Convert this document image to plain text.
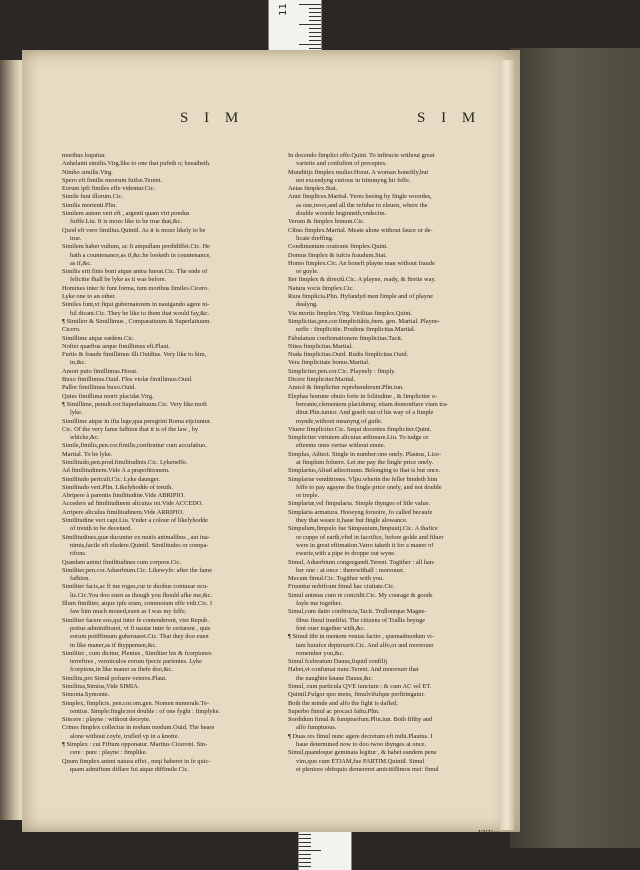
11
S I M	S I M
moribus loquitur.
Anhelanti similis.Virg.like to one that pufeth o; bzeatheth.
Nimbo similis.Virg.
Spero eft fimilis meorum fuifse.Terent.
Eorum ipfi fimiles effe videntur.Cic.
Simile funt illorum.Cic.
Similis morienti.Plin.
Similem autem veri eft , argenti quam viri pondus
fuiffe.Liu. It is moze like to be true that,&c.
Quod eft vero fimilius.Quintil. As it is moze likely to be
true.
Similem habet vultum, ac fi ampullam perdidiffet.Cic. He
hath a countenance,as if,&c.he looketh in countenance,
as if,&c.
Similis erit finis boni atque antea fuerat.Cic. The ende of
felicitie fhall be lyke as it was before.
Homines inter fe funt forma, tum moribus fimiles.Cicero.
Lyke one to an other.
Similes funt,vt fiqui gubernatorem in nauigando agere ni-
hil dicant.Cic. They be like to them that would fay,&c.
¶ Similior & Simillimus , Comparatiuum & Superlatiuum.
Cicero.
Simillime atque eædem.Cic.
Nofter quæftus aeque fimillimus eft.Plaut.
Furtis & fraude fimillimus illi.Ouidius. Very like to him,
in,&c.
Amori puto fimillimus.Horat.
Buxo fimillimus.Ouid. Flos violæ fimillimus.Ouid.
Pallor fimillimus buxo.Ouid.
Quies fimillima morti placidæ.Virg.
¶ Simillime, penult.cor.Superlatiuum.Cic. Very like:moft
lyke.
Simillime atque in ifta lege,qua peregrini Roma eijciuntur.
Cic. Of the very fame fafhion that it is of the law , by
whiche,&c.
Simile,fimilis,pen.cor.fimilis,conftruitur cum accufatiuo.
Martial. To be lyke.
Similitudo,pen.prod.fimilitudinis.Cic. Lykeneffe.
Ad fimilitudinem.Vide A a prapofitionem.
Similitudo periculi.Cic. Lyke daunger.
Similitudo veri.Plin. Likelyhodde of treuth.
Abripere à parentis fimilitudine.Vide ABRIPIO.
Accedere ad fimilitudinem alicuius rei.Vide ACCEDO.
Arripere aliculus fimilitudinem.Vide ARRIPIO.
Similitudine veri capi.Liu. Vnder a colour of likelyhodde
of treuth to be deceiued.
Similitudines,quæ ducuntur ex mutis animalibus , aut ina-
nimis,facile eft eludere.Quintil. Similitudes or compa-
rifons.
Quædam animi fimilitudines cum corpore.Cic.
Similiter,pen.cor.Aduerbium.Cic. Likewyfe: after the fame
fafhion.
Similiter facis,ac fi me roges,cur te duobus contuear ocu-
lis.Cic.You doo euen as though you fhould afke me,&c.
Illum fimiliter, atque ipfe eram, commotum effe vidi.Cic. I
faw him much moued,euen as I was my felfe.
Similiter facere eos,qui inter fe contenderent, vire Repub.
potius adminiftraret, vt fi nautæ inter fe certarent , quis
eorum potiffimum gubernaret.Cic. That they doo euen
in like maner,as if thyppemen,&c.
Similiter , cum dicitur, Plenius , Similiter his & fcorpiones
terreftres , vermiculos eorum fpecie parientes. Lyke
fcorpions,in like maner as thefe doo,&c.
Similitu,pro Simul pofuere veteres.Plaut.
Similitus,Simius,Vide SIMIA.
Simonia.Symonie.
Simplex, fimplicis, pen.cor.om.gen. Nomen numerale.Te-
rentius. Simple:fingle:not double : of one fyght : fimplyke.
Sincere : playne : without deceyte.
Crines fimplex collectus in nodum modum.Ouid. The heare
alone without coyfe, trufled vp in a knotte.
¶ Simplex : cui Fiftum opponatur. Martius Ciceroni. Sin-
cere : pure : playne : fimplike.
Quum fimplex animi natura effet , neqi haberet in fe quic-
quam admiftum diffare fui atque diffimile.Cic.
In docendo fimplici effe.Quint. To inftructe without great
varietie and confufion of preceptes.
Munditijs fimplex mulier.Horat. A woman honeftly,but
not exceedyng curious in trimmyng hir felfe.
Aetas fimplex.Stat.
Anni fimplices.Martial. Yeres beeing by fingle woordes,
as one,twoo,and all the refidue to eleuen, where the
double woorde beginneth,vndecim.
Verum & fimplex bonum.Cic.
Cibus fimplex.Martial. Meate alone without fauce or de-
licate dreffing.
Condimentum orationis fimplex.Quint.
Domus fimplex & iufcis fraudum.Stat.
Homo fimplex.Cic. An honeft playne man without fraude
or guyle.
Iter fimplex & directû.Cic. A playne, ready, & ftreite way.
Natura vocis fimplex.Cic.
Rura fimplicia.Plin. Hyfandyd men fimple and of playne
dealyng.
Via mortis fimplex.Virg. Virilitas fimplex.Quint.
Simplicitas,pen.cor.fimplicitâtis,fœm. gen. Martial. Playne-
neffe : fimplicitie. Prudens fimplicitas.Martial.
Fabulatum confirmationem fimplicitas.Tacit.
Nitea fimplicitas.Martial.
Nuda fimplicitas.Ouid. Rudis fimplicitas.Ouid.
Vera fimplicitate bonus.Martial.
Simpliciter,pen.cor.Cic. Playnely : fimply.
Dicere fimpliciter.Martial.
Amicè & fimpliciter reprehenderunt.Plin.iun.
Elephas homine obuio forte in folitudine , & fimpliciter o-
berrante,clementem placidumq; etiam demonftare viam tra-
ditur.Plin.iunior. And goeth out of his way of a fimple
mynde,without meanyng of guile.
Viuere fimpliciter.Cic. Sequi docentes fimpliciter.Quint.
Simpliciter virtutem alicuius æftimare.Liu. To iudge or
efteeme ones vertue without enuie.
Simplus, Adiect. Single in number:one onely. Plautus, Lice-
at fimplum foluere. Let me pay the fingle price onely.
Simplarius,Aliud adiectiuum. Belonging to that is but once.
Simplariæ venditiones. Vlpu.wherin the feller bindeth him
felfe to pay agayne the fingle price onely, and not double
or treple.
Simplariæ,vel fimpularia. Simple thynges of litle value.
Simplaria armatura. Hooeyng ſoruoire, fo called becaufe
they that weare it,haue but fingle alowance.
Simpulum,fimpulo fue Simpuuium,fimpuuij.Cic. A thafice
or cuppe of earth,vfed in facrifice, before golde and filuer
were in great eftimation.Varro taketh it for a maner of
ewerie,with a pipe to droppe out wyne.
Simul, Aduerbium congregandi.Terent. Togither : all han-
ber one : at once : therewithall : moreouer.
Mecum fimul.Cic. Togither with you.
Fruuntur nobifcum fimul hac ciuitate.Cic.
Simul animus cum re concidit.Cic. My courage & goods
fayle me together.
Simul,cum datio conftructa,Tacit. Trullonique Magne-
fibus fimul tranfifsi. The citizens of Trallis beynge
fent ouer together with,&c.
¶ Simul tibi in mentem venias facito , quemadmodum vi-
tam huiufce depinxerit.Cic. And alfo,or and moreouer
remember you,&c.
Simul fceleratum Dauus,fiquid confilij
Habet,vt confumat nunc.Terent. And moreouer that
the naughtie knaue Dauus,&c.
Simul, cum particula QVE iunctum : & cum AC vel ET.
Quintil.Fulgor quo mens, fimulvifufque perftringatur.
Both the minde and alfo the fight is dafled.
Superbo fimul ac procaci faftu.Plin.
Sordidum fimul & fumptuofum.Plin.iun. Both filthy and
alfo fumptuous.
¶ Duas res fimul nunc agere decretum eft mihi.Plautus. I
haue determined now to doo twoo thynges at once.
Simul,quandoque geminata legitur , & habet eandem pene
vim,quo cum ETIAM,fue PARTIM.Quintil. Simul
et pleniore obfequio demereret amicitiflimos mei: fimul
YYYyy
